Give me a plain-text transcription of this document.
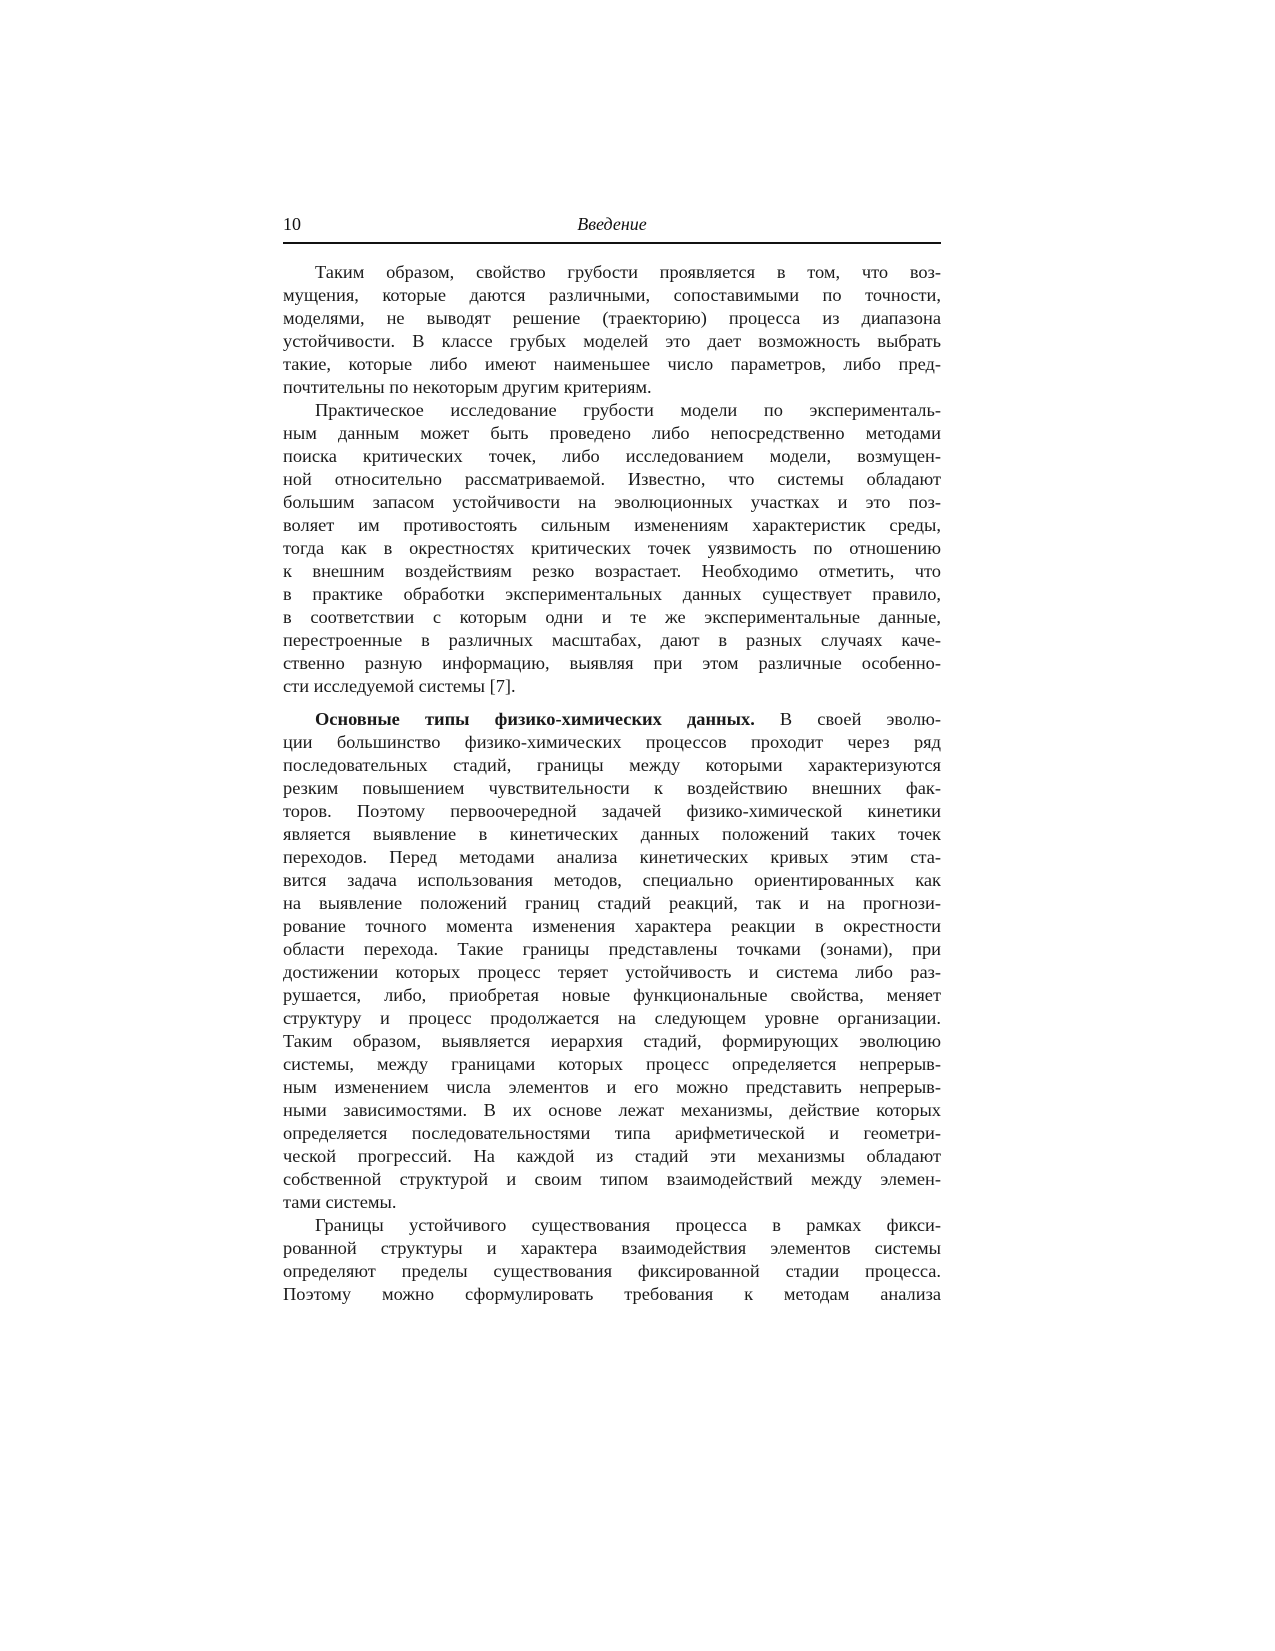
10	Введение
Таким образом, свойство грубости проявляется в том, что воз-
мущения, которые даются различными, сопоставимыми по точности,
моделями, не выводят решение (траекторию) процесса из диапазона
устойчивости. В классе грубых моделей это дает возможность выбрать
такие, которые либо имеют наименьшее число параметров, либо пред-
почтительны по некоторым другим критериям.
Практическое исследование грубости модели по эксперименталь-
ным данным может быть проведено либо непосредственно методами
поиска критических точек, либо исследованием модели, возмущен-
ной относительно рассматриваемой. Известно, что системы обладают
большим запасом устойчивости на эволюционных участках и это поз-
воляет им противостоять сильным изменениям характеристик среды,
тогда как в окрестностях критических точек уязвимость по отношению
к внешним воздействиям резко возрастает. Необходимо отметить, что
в практике обработки экспериментальных данных существует правило,
в соответствии с которым одни и те же экспериментальные данные,
перестроенные в различных масштабах, дают в разных случаях каче-
ственно разную информацию, выявляя при этом различные особенно-
сти исследуемой системы [7].
Основные типы физико-химических данных. В своей эволю-
ции большинство физико-химических процессов проходит через ряд
последовательных стадий, границы между которыми характеризуются
резким повышением чувствительности к воздействию внешних фак-
торов. Поэтому первоочередной задачей физико-химической кинетики
является выявление в кинетических данных положений таких точек
переходов. Перед методами анализа кинетических кривых этим ста-
вится задача использования методов, специально ориентированных как
на выявление положений границ стадий реакций, так и на прогнози-
рование точного момента изменения характера реакции в окрестности
области перехода. Такие границы представлены точками (зонами), при
достижении которых процесс теряет устойчивость и система либо раз-
рушается, либо, приобретая новые функциональные свойства, меняет
структуру и процесс продолжается на следующем уровне организации.
Таким образом, выявляется иерархия стадий, формирующих эволюцию
системы, между границами которых процесс определяется непрерыв-
ным изменением числа элементов и его можно представить непрерыв-
ными зависимостями. В их основе лежат механизмы, действие которых
определяется последовательностями типа арифметической и геометри-
ческой прогрессий. На каждой из стадий эти механизмы обладают
собственной структурой и своим типом взаимодействий между элемен-
тами системы.
Границы устойчивого существования процесса в рамках фикси-
рованной структуры и характера взаимодействия элементов системы
определяют пределы существования фиксированной стадии процесса.
Поэтому можно сформулировать требования к методам анализа
